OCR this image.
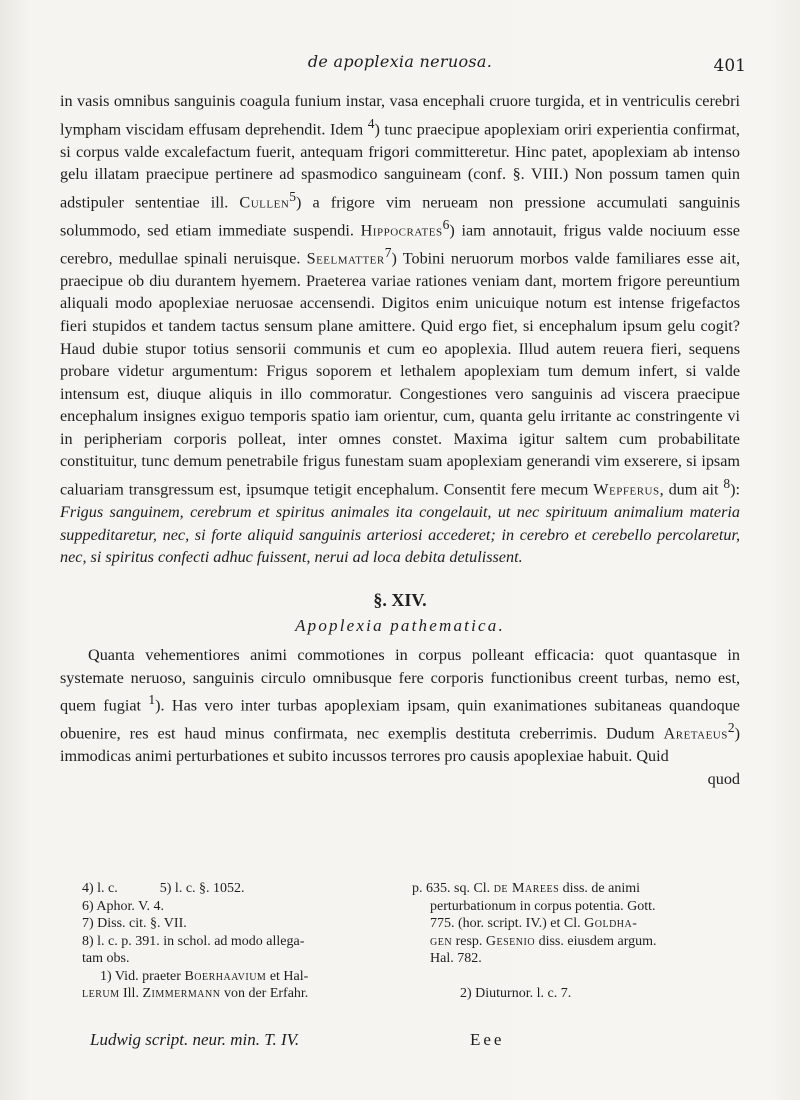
de apoplexia neruosa.	401

in vasis omnibus sanguinis coagula funium instar, vasa encephali cruore turgida, et in ventriculis cerebri lympham viscidam effusam deprehendit. Idem $^4$) tunc praecipue apoplexiam oriri experientia confirmat, si corpus valde excalefactum fuerit, antequam frigori committeretur. Hinc patet, apoplexiam ab intenso gelu illatam praecipue pertinere ad spasmodico sanguineam (conf. §. VIII.) Non possum tamen quin adstipuler sententiae ill. Cullen$^5$) a frigore vim nerueam non pressione accumulati sanguinis solummodo, sed etiam immediate suspendi. Hippocrates$^6$) iam annotauit, frigus valde nociuum esse cerebro, medullae spinali neruisque. Seelmatter$^7$) Tobini neruorum morbos valde familiares esse ait, praecipue ob diu durantem hyemem. Praeterea variae rationes veniam dant, mortem frigore pereuntium aliquali modo apoplexiae neruosae accensendi. Digitos enim unicuique notum est intense frigefactos fieri stupidos et tandem tactus sensum plane amittere. Quid ergo fiet, si encephalum ipsum gelu cogit? Haud dubie stupor totius sensorii communis et cum eo apoplexia. Illud autem reuera fieri, sequens probare videtur argumentum: Frigus soporem et lethalem apoplexiam tum demum infert, si valde intensum est, diuque aliquis in illo commoratur. Congestiones vero sanguinis ad viscera praecipue encephalum insignes exiguo temporis spatio iam orientur, cum, quanta gelu irritante ac constringente vi in peripheriam corporis polleat, inter omnes constet. Maxima igitur saltem cum probabilitate constituitur, tunc demum penetrabile frigus funestam suam apoplexiam generandi vim exserere, si ipsam caluariam transgressum est, ipsumque tetigit encephalum. Consentit fere mecum Wepferus, dum ait $^8$): Frigus sanguinem, cerebrum et spiritus animales ita congelauit, ut nec spirituum animalium materia suppeditaretur, nec, si forte aliquid sanguinis arteriosi accederet; in cerebro et cerebello percolaretur, nec, si spiritus confecti adhuc fuissent, nerui ad loca debita detulissent.

§. XIV.
Apoplexia pathematica.

Quanta vehementiores animi commotiones in corpus polleant efficacia: quot quantasque in systemate neruoso, sanguinis circulo omnibusque fere corporis functionibus creent turbas, nemo est, quem fugiat $^1$). Has vero inter turbas apoplexiam ipsam, quin exanimationes subitaneas quandoque obuenire, res est haud minus confirmata, nec exemplis destituta creberrimis. Dudum Aretaeus$^2$) immodicas animi perturbationes et subito incussos terrores pro causis apoplexiae habuit. Quid

quod
4) l. c.	5) l. c. §. 1052.
6) Aphor. V. 4.
7) Diss. cit. §. VII.
8) l. c. p. 391. in schol. ad modo allega-
tam obs.
1) Vid. praeter Boerhaavium et Hal-
lerum Ill. Zimmermann von der Erfahr.
p. 635. sq. Cl. de Marees diss. de animi
perturbationum in corpus potentia. Gott.
775. (hor. script. IV.) et Cl. Goldha-
gen resp. Gesenio diss. eiusdem argum.
Hal. 782.

2) Diuturnor. l. c. 7.
Ludwig script. neur. min. T. IV.	Eee
